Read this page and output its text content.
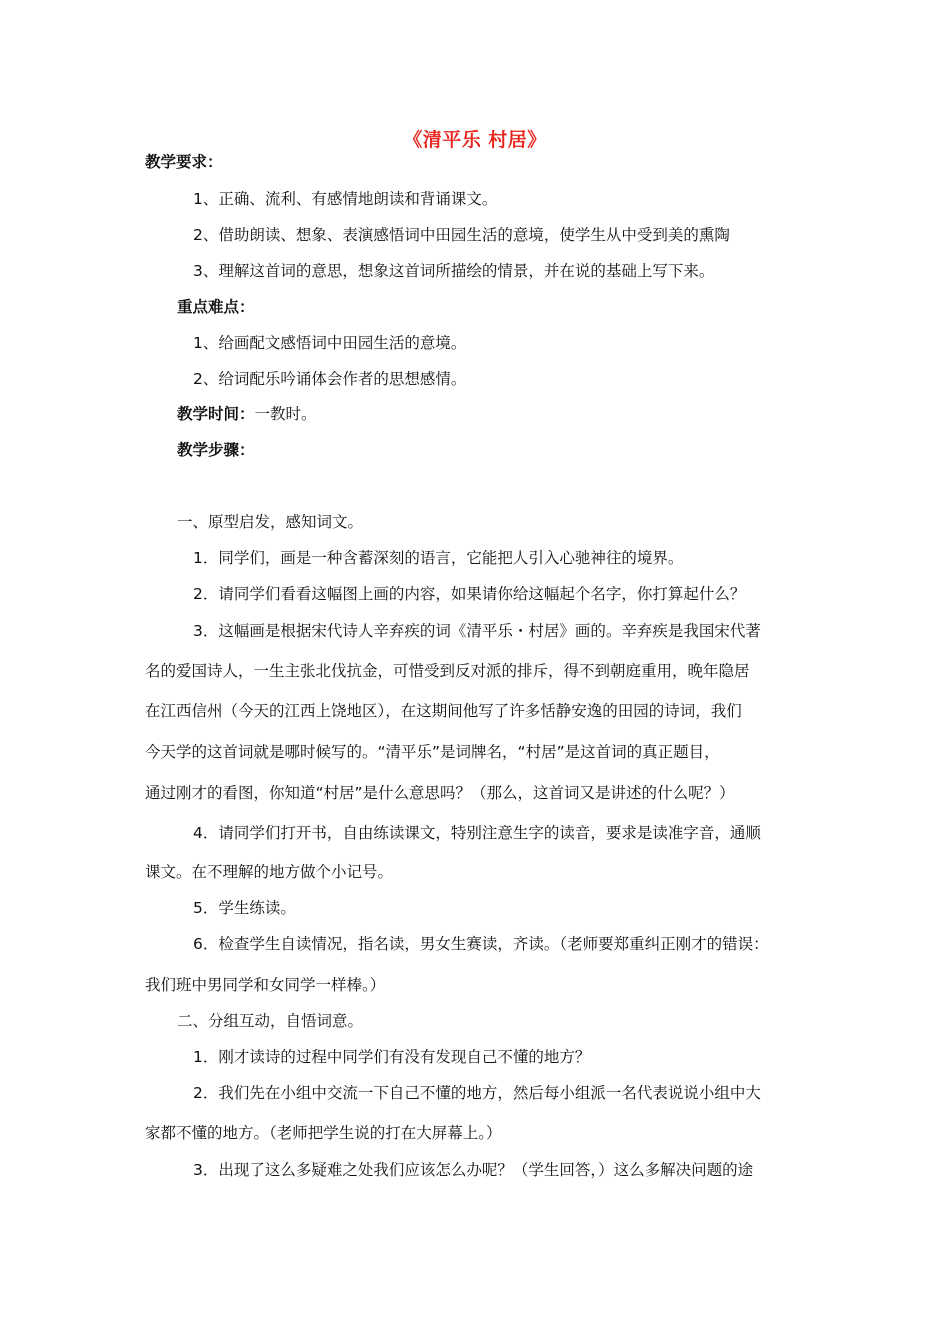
《清平乐 村居》
教学要求：
1、正确、流利、有感情地朗读和背诵课文。
2、借助朗读、想象、表演感悟词中田园生活的意境，使学生从中受到美的熏陶
3、理解这首词的意思，想象这首词所描绘的情景，并在说的基础上写下来。
重点难点：
1、给画配文感悟词中田园生活的意境。
2、给词配乐吟诵体会作者的思想感情。
教学时间：一教时。
教学步骤：
一、原型启发，感知词文。
1．同学们，画是一种含蓄深刻的语言，它能把人引入心驰神往的境界。
2．请同学们看看这幅图上画的内容，如果请你给这幅起个名字，你打算起什么？
3．这幅画是根据宋代诗人辛弃疾的词《清平乐・村居》画的。辛弃疾是我国宋代著
名的爱国诗人，一生主张北伐抗金，可惜受到反对派的排斥，得不到朝庭重用，晚年隐居
在江西信州（今天的江西上饶地区），在这期间他写了许多恬静安逸的田园的诗词，我们
今天学的这首词就是哪时候写的。“清平乐”是词牌名，“村居”是这首词的真正题目，
通过刚才的看图，你知道“村居”是什么意思吗？（那么，这首词又是讲述的什么呢？）
4．请同学们打开书，自由练读课文，特别注意生字的读音，要求是读准字音，通顺
课文。在不理解的地方做个小记号。
5．学生练读。
6．检查学生自读情况，指名读，男女生赛读，齐读。（老师要郑重纠正刚才的错误：
我们班中男同学和女同学一样棒。）
二、分组互动，自悟词意。
1．刚才读诗的过程中同学们有没有发现自己不懂的地方？
2．我们先在小组中交流一下自己不懂的地方，然后每小组派一名代表说说小组中大
家都不懂的地方。（老师把学生说的打在大屏幕上。）
3．出现了这么多疑难之处我们应该怎么办呢？（学生回答，）这么多解决问题的途
